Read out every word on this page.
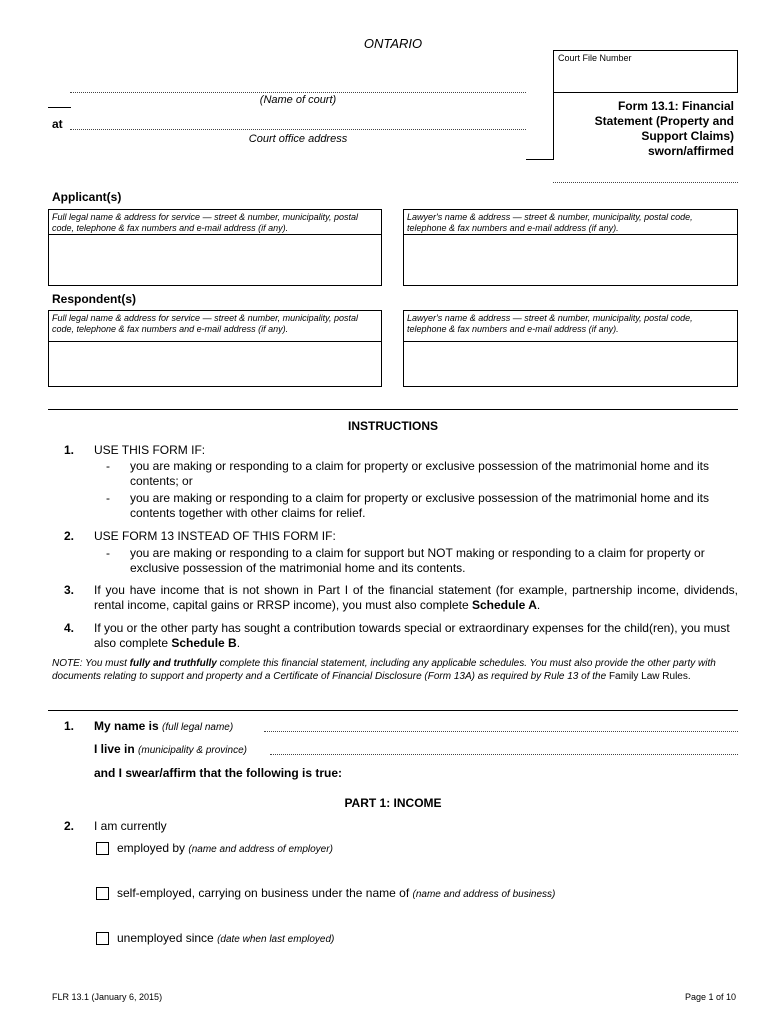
ONTARIO
Court File Number
(Name of court)
at
Court office address
Form 13.1: Financial
Statement (Property and
Support Claims)
sworn/affirmed
Applicant(s)
Full legal name & address for service — street & number, municipality, postal code, telephone & fax numbers and e-mail address (if any).
Lawyer's name & address — street & number, municipality, postal code, telephone & fax numbers and e-mail address (if any).
Respondent(s)
Full legal name & address for service — street & number, municipality, postal code, telephone & fax numbers and e-mail address (if any).
Lawyer's name & address — street & number, municipality, postal code, telephone & fax numbers and e-mail address (if any).
INSTRUCTIONS
1. USE THIS FORM IF:
- you are making or responding to a claim for property or exclusive possession of the matrimonial home and its contents; or
- you are making or responding to a claim for property or exclusive possession of the matrimonial home and its contents together with other claims for relief.
2. USE FORM 13 INSTEAD OF THIS FORM IF:
- you are making or responding to a claim for support but NOT making or responding to a claim for property or exclusive possession of the matrimonial home and its contents.
3. If you have income that is not shown in Part I of the financial statement (for example, partnership income, dividends, rental income, capital gains or RRSP income), you must also complete Schedule A.
4. If you or the other party has sought a contribution towards special or extraordinary expenses for the child(ren), you must also complete Schedule B.
NOTE: You must fully and truthfully complete this financial statement, including any applicable schedules. You must also provide the other party with documents relating to support and property and a Certificate of Financial Disclosure (Form 13A) as required by Rule 13 of the Family Law Rules.
1. My name is (full legal name)
I live in (municipality & province)
and I swear/affirm that the following is true:
PART 1: INCOME
2. I am currently
employed by (name and address of employer)
self-employed, carrying on business under the name of (name and address of business)
unemployed since (date when last employed)
FLR 13.1 (January 6, 2015)	Page 1 of 10
